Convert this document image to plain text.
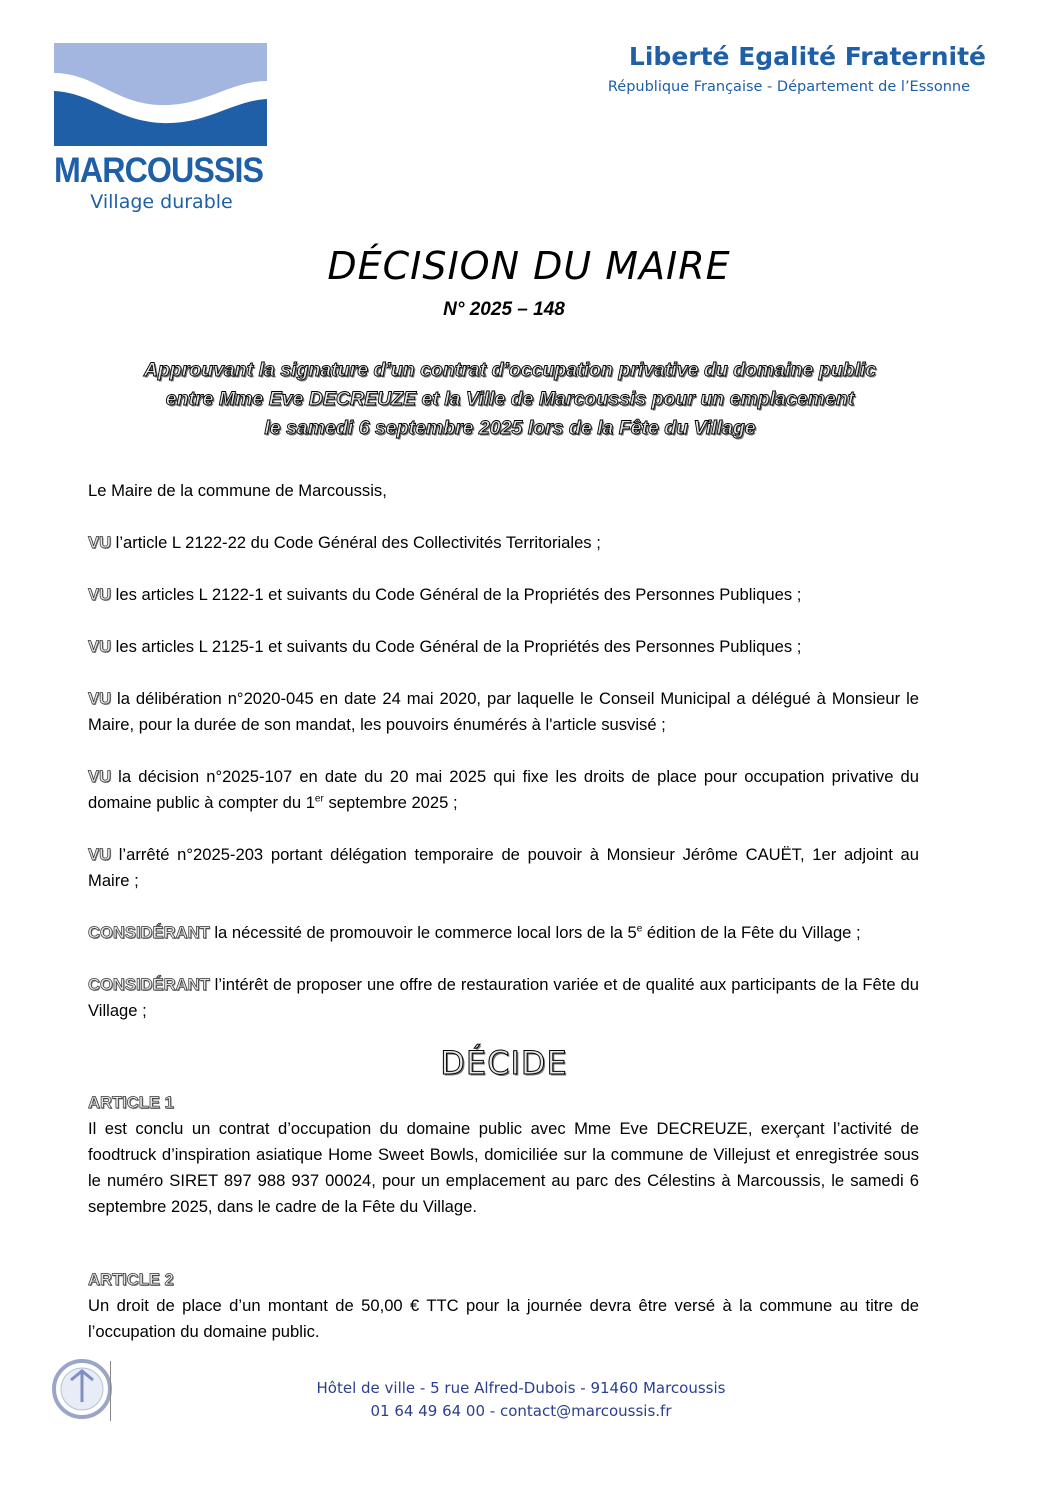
MARCOUSSIS
Village durable
Liberté Egalité Fraternité
République Française - Département de l’Essonne
DÉCISION DU MAIRE
N° 2025 – 148
Approuvant la signature d’un contrat d’occupation privative du domaine public
entre Mme Eve DECREUZE et la Ville de Marcoussis pour un emplacement
le samedi 6 septembre 2025 lors de la Fête du Village

Le Maire de la commune de Marcoussis,

VU l’article L 2122-22 du Code Général des Collectivités Territoriales ;

VU les articles L 2122-1 et suivants du Code Général de la Propriétés des Personnes Publiques ;

VU les articles L 2125-1 et suivants du Code Général de la Propriétés des Personnes Publiques ;

VU la délibération n°2020-045 en date 24 mai 2020, par laquelle le Conseil Municipal a délégué à Monsieur le Maire, pour la durée de son mandat, les pouvoirs énumérés à l'article susvisé ;

VU la décision n°2025-107 en date du 20 mai 2025 qui fixe les droits de place pour occupation privative du domaine public à compter du 1er septembre 2025 ;

VU l’arrêté n°2025-203 portant délégation temporaire de pouvoir à Monsieur Jérôme CAUËT, 1er adjoint au Maire ;

CONSIDÉRANT la nécessité de promouvoir le commerce local lors de la 5e édition de la Fête du Village ;

CONSIDÉRANT l’intérêt de proposer une offre de restauration variée et de qualité aux participants de la Fête du Village ;

DÉCIDE
ARTICLE 1
Il est conclu un contrat d’occupation du domaine public avec Mme Eve DECREUZE, exerçant l’activité de foodtruck d’inspiration asiatique Home Sweet Bowls, domiciliée sur la commune de Villejust et enregistrée sous le numéro SIRET 897 988 937 00024, pour un emplacement au parc des Célestins à Marcoussis, le samedi 6 septembre 2025, dans le cadre de la Fête du Village.
ARTICLE 2
Un droit de place d’un montant de 50,00 € TTC pour la journée devra être versé à la commune au titre de l’occupation du domaine public.
Hôtel de ville - 5 rue Alfred-Dubois - 91460 Marcoussis
01 64 49 64 00 - contact@marcoussis.fr
